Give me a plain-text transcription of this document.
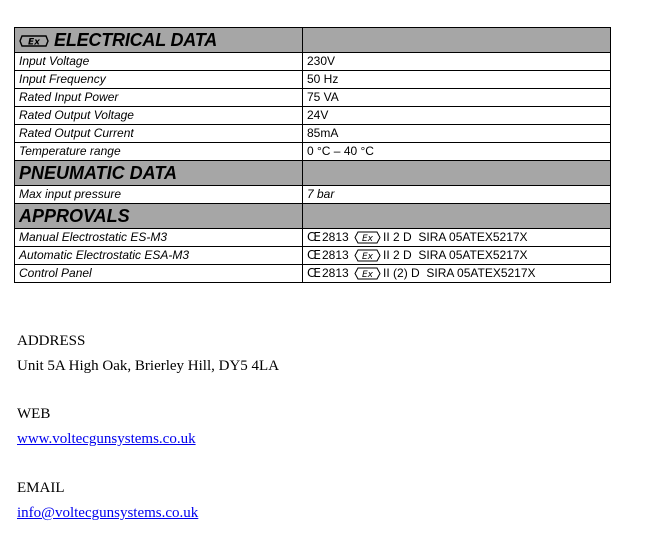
Ex ELECTRICAL DATA	
Input Voltage	230V
Input Frequency	50 Hz
Rated Input Power	75 VA
Rated Output Voltage	24V
Rated Output Current	85mA
Temperature range	0 °C – 40 °C
PNEUMATIC DATA	
Max input pressure	7 bar
APPROVALS	
Manual Electrostatic ES-M3	CE 2813 Ex II 2 D SIRA 05ATEX5217X
Automatic Electrostatic ESA-M3	CE 2813 Ex II 2 D SIRA 05ATEX5217X
Control Panel	CE 2813 Ex II (2) D SIRA 05ATEX5217X
ADDRESS
Unit 5A High Oak, Brierley Hill, DY5 4LA
WEB
www.voltecgunsystems.co.uk
EMAIL
info@voltecgunsystems.co.uk
